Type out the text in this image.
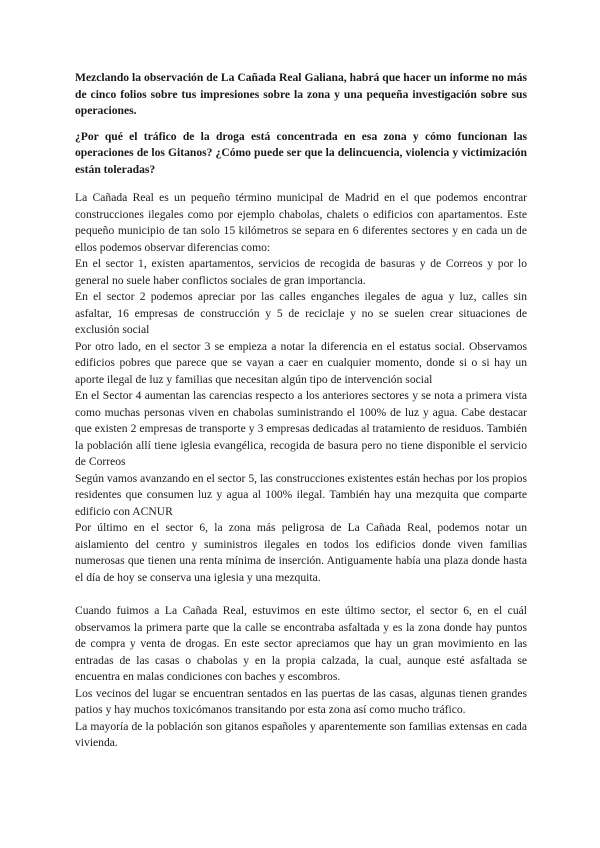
Mezclando la observación de La Cañada Real Galiana, habrá que hacer un informe no más de cinco folios sobre tus impresiones sobre la zona y una pequeña investigación sobre sus operaciones.

¿Por qué el tráfico de la droga está concentrada en esa zona y cómo funcionan las operaciones de los Gitanos? ¿Cómo puede ser que la delincuencia, violencia y victimización están toleradas?

La Cañada Real es un pequeño término municipal de Madrid en el que podemos encontrar construcciones ilegales como por ejemplo chabolas, chalets o edificios con apartamentos. Este pequeño municipio de tan solo 15 kilómetros se separa en 6 diferentes sectores y en cada un de ellos podemos observar diferencias como:

En el sector 1, existen apartamentos, servicios de recogida de basuras y de Correos y por lo general no suele haber conflictos sociales de gran importancia.

En el sector 2 podemos apreciar por las calles enganches ilegales de agua y luz, calles sin asfaltar, 16 empresas de construcción y 5 de reciclaje y no se suelen crear situaciones de exclusión social

Por otro lado, en el sector 3 se empieza a notar la diferencia en el estatus social. Observamos edificios pobres que parece que se vayan a caer en cualquier momento, donde si o si hay un aporte ilegal de luz y familias que necesitan algún tipo de intervención social

En el Sector 4 aumentan las carencias respecto a los anteriores sectores y se nota a primera vista como muchas personas viven en chabolas suministrando el 100% de luz y agua. Cabe destacar que existen 2 empresas de transporte y 3 empresas dedicadas al tratamiento de residuos. También la población allí tiene iglesia evangélica, recogida de basura pero no tiene disponible el servicio de Correos

Según vamos avanzando en el sector 5, las construcciones existentes están hechas por los propios residentes que consumen luz y agua al 100% ilegal. También hay una mezquita que comparte edificio con ACNUR

Por último en el sector 6, la zona más peligrosa de La Cañada Real, podemos notar un aislamiento del centro y suministros ilegales en todos los edificios donde viven familias numerosas que tienen una renta mínima de inserción. Antiguamente había una plaza donde hasta el día de hoy se conserva una iglesia y una mezquita.

Cuando fuimos a La Cañada Real, estuvimos en este último sector, el sector 6, en el cuál observamos la primera parte que la calle se encontraba asfaltada y es la zona donde hay puntos de compra y venta de drogas. En este sector apreciamos que hay un gran movimiento en las entradas de las casas o chabolas y en la propia calzada, la cual, aunque esté asfaltada se encuentra en malas condiciones con baches y escombros.

Los vecinos del lugar se encuentran sentados en las puertas de las casas, algunas tienen grandes patios y hay muchos toxicómanos transitando por esta zona así como mucho tráfico.

La mayoría de la población son gitanos españoles y aparentemente son familias extensas en cada vivienda.
